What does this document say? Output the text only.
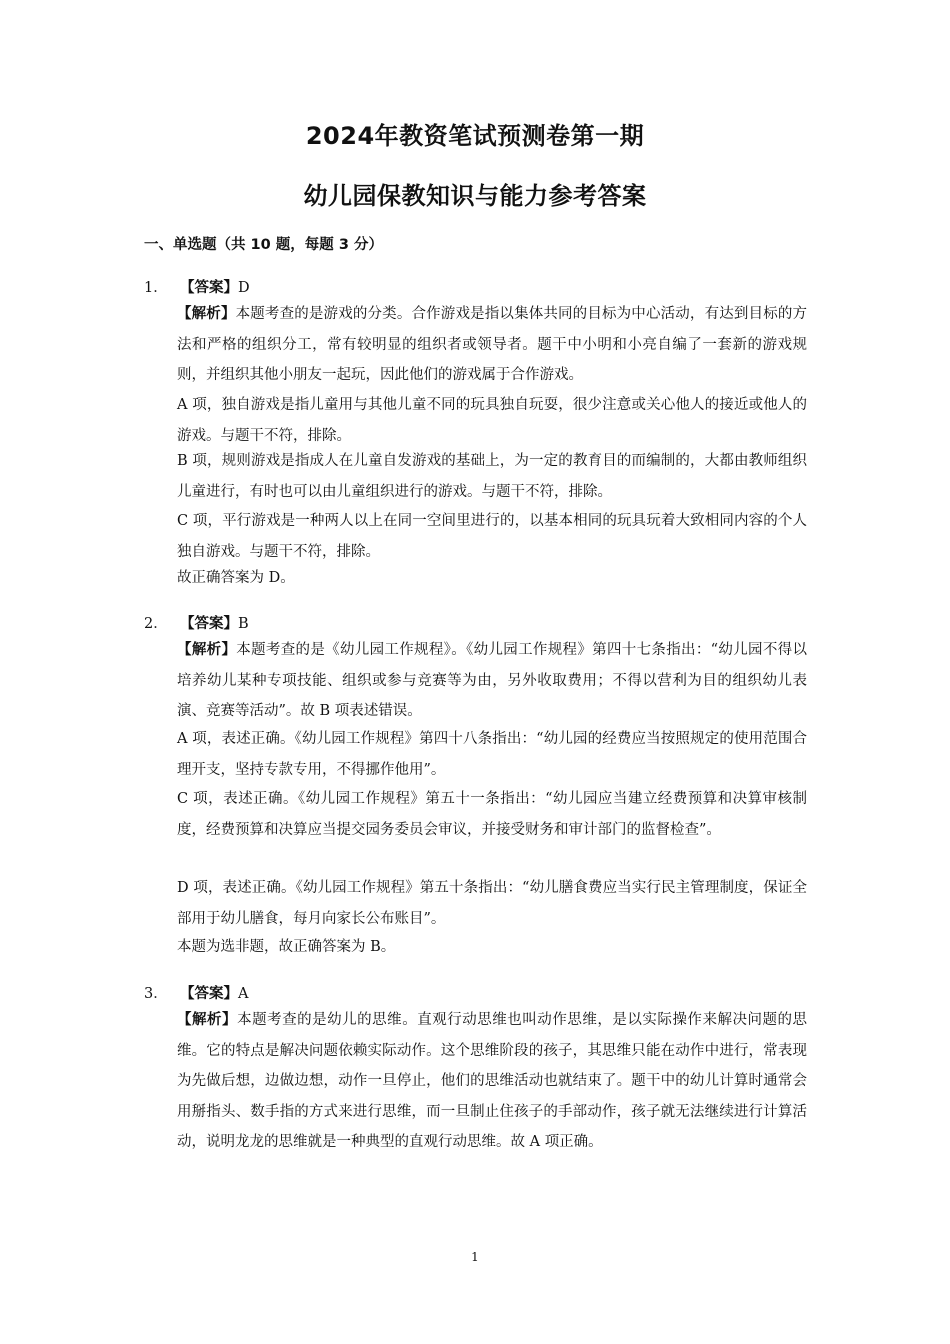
2024年教资笔试预测卷第一期
幼儿园保教知识与能力参考答案
一、单选题（共 10 题，每题 3 分）
1． 【答案】D

【解析】本题考查的是游戏的分类。合作游戏是指以集体共同的目标为中心活动，有达到目标的方法和严格的组织分工，常有较明显的组织者或领导者。题干中小明和小亮自编了一套新的游戏规则，并组织其他小朋友一起玩，因此他们的游戏属于合作游戏。

A 项，独自游戏是指儿童用与其他儿童不同的玩具独自玩耍，很少注意或关心他人的接近或他人的游戏。与题干不符，排除。

B 项，规则游戏是指成人在儿童自发游戏的基础上，为一定的教育目的而编制的，大都由教师组织儿童进行，有时也可以由儿童组织进行的游戏。与题干不符，排除。

C 项，平行游戏是一种两人以上在同一空间里进行的，以基本相同的玩具玩着大致相同内容的个人独自游戏。与题干不符，排除。

故正确答案为 D。

2． 【答案】B

【解析】本题考查的是《幼儿园工作规程》。《幼儿园工作规程》第四十七条指出：“幼儿园不得以培养幼儿某种专项技能、组织或参与竞赛等为由，另外收取费用；不得以营利为目的组织幼儿表演、竞赛等活动”。故 B 项表述错误。

A 项，表述正确。《幼儿园工作规程》第四十八条指出：“幼儿园的经费应当按照规定的使用范围合理开支，坚持专款专用，不得挪作他用”。

C 项，表述正确。《幼儿园工作规程》第五十一条指出：“幼儿园应当建立经费预算和决算审核制度，经费预算和决算应当提交园务委员会审议，并接受财务和审计部门的监督检查”。

D 项，表述正确。《幼儿园工作规程》第五十条指出：“幼儿膳食费应当实行民主管理制度，保证全部用于幼儿膳食，每月向家长公布账目”。

本题为选非题，故正确答案为 B。

3． 【答案】A

【解析】本题考查的是幼儿的思维。直观行动思维也叫动作思维，是以实际操作来解决问题的思维。它的特点是解决问题依赖实际动作。这个思维阶段的孩子，其思维只能在动作中进行，常表现为先做后想，边做边想，动作一旦停止，他们的思维活动也就结束了。题干中的幼儿计算时通常会用掰指头、数手指的方式来进行思维，而一旦制止住孩子的手部动作，孩子就无法继续进行计算活动，说明龙龙的思维就是一种典型的直观行动思维。故 A 项正确。

1
